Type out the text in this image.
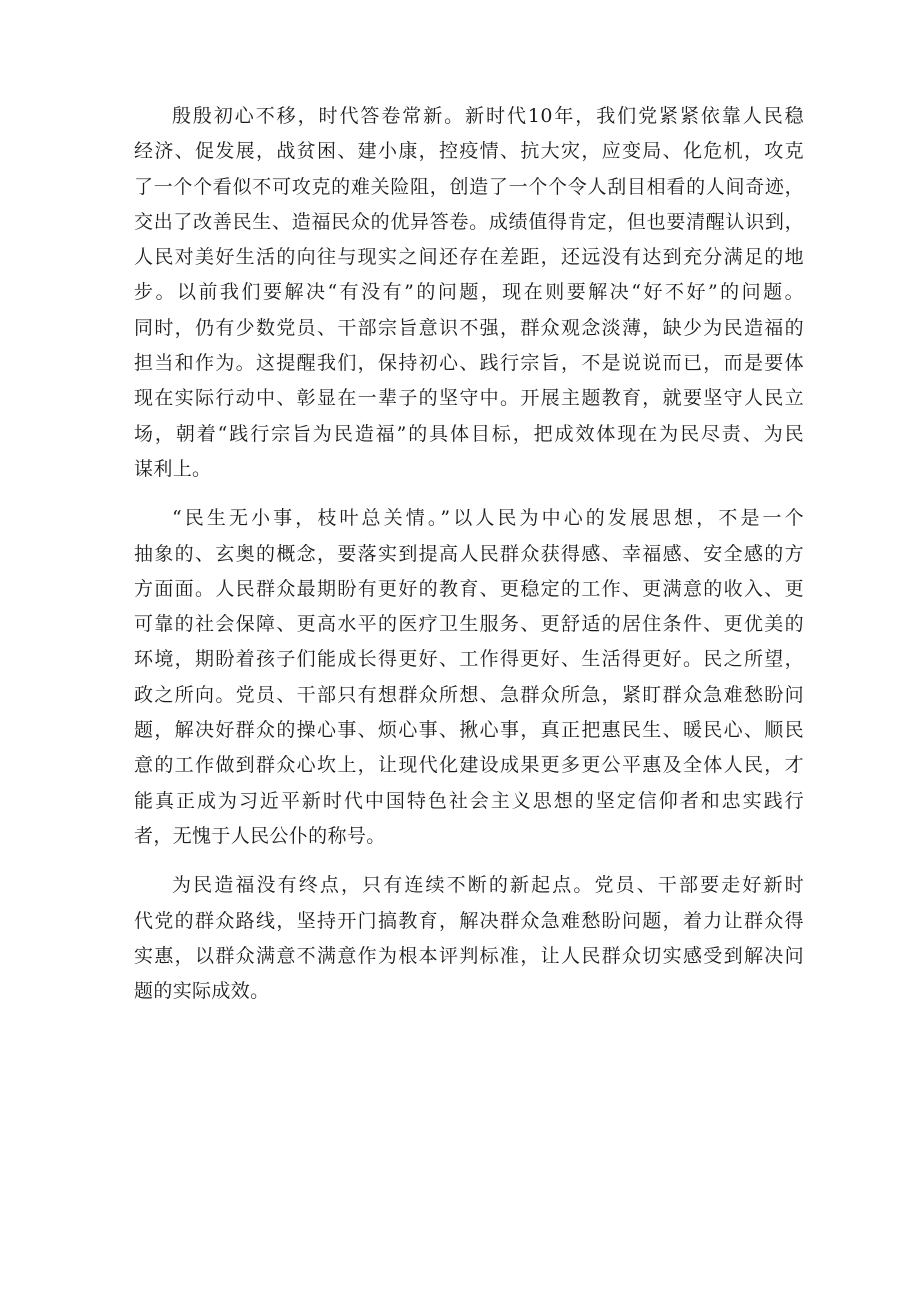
殷殷初心不移，时代答卷常新。新时代10年，我们党紧紧依靠人民稳
经济、促发展，战贫困、建小康，控疫情、抗大灾，应变局、化危机，攻克
了一个个看似不可攻克的难关险阻，创造了一个个令人刮目相看的人间奇迹，
交出了改善民生、造福民众的优异答卷。成绩值得肯定，但也要清醒认识到，
人民对美好生活的向往与现实之间还存在差距，还远没有达到充分满足的地
步。以前我们要解决“有没有”的问题，现在则要解决“好不好”的问题。
同时，仍有少数党员、干部宗旨意识不强，群众观念淡薄，缺少为民造福的
担当和作为。这提醒我们，保持初心、践行宗旨，不是说说而已，而是要体
现在实际行动中、彰显在一辈子的坚守中。开展主题教育，就要坚守人民立
场，朝着“践行宗旨为民造福”的具体目标，把成效体现在为民尽责、为民
谋利上。

“民生无小事，枝叶总关情。”以人民为中心的发展思想，不是一个
抽象的、玄奥的概念，要落实到提高人民群众获得感、幸福感、安全感的方
方面面。人民群众最期盼有更好的教育、更稳定的工作、更满意的收入、更
可靠的社会保障、更高水平的医疗卫生服务、更舒适的居住条件、更优美的
环境，期盼着孩子们能成长得更好、工作得更好、生活得更好。民之所望，
政之所向。党员、干部只有想群众所想、急群众所急，紧盯群众急难愁盼问
题，解决好群众的操心事、烦心事、揪心事，真正把惠民生、暖民心、顺民
意的工作做到群众心坎上，让现代化建设成果更多更公平惠及全体人民，才
能真正成为习近平新时代中国特色社会主义思想的坚定信仰者和忠实践行
者，无愧于人民公仆的称号。

为民造福没有终点，只有连续不断的新起点。党员、干部要走好新时
代党的群众路线，坚持开门搞教育，解决群众急难愁盼问题，着力让群众得
实惠，以群众满意不满意作为根本评判标准，让人民群众切实感受到解决问
题的实际成效。
